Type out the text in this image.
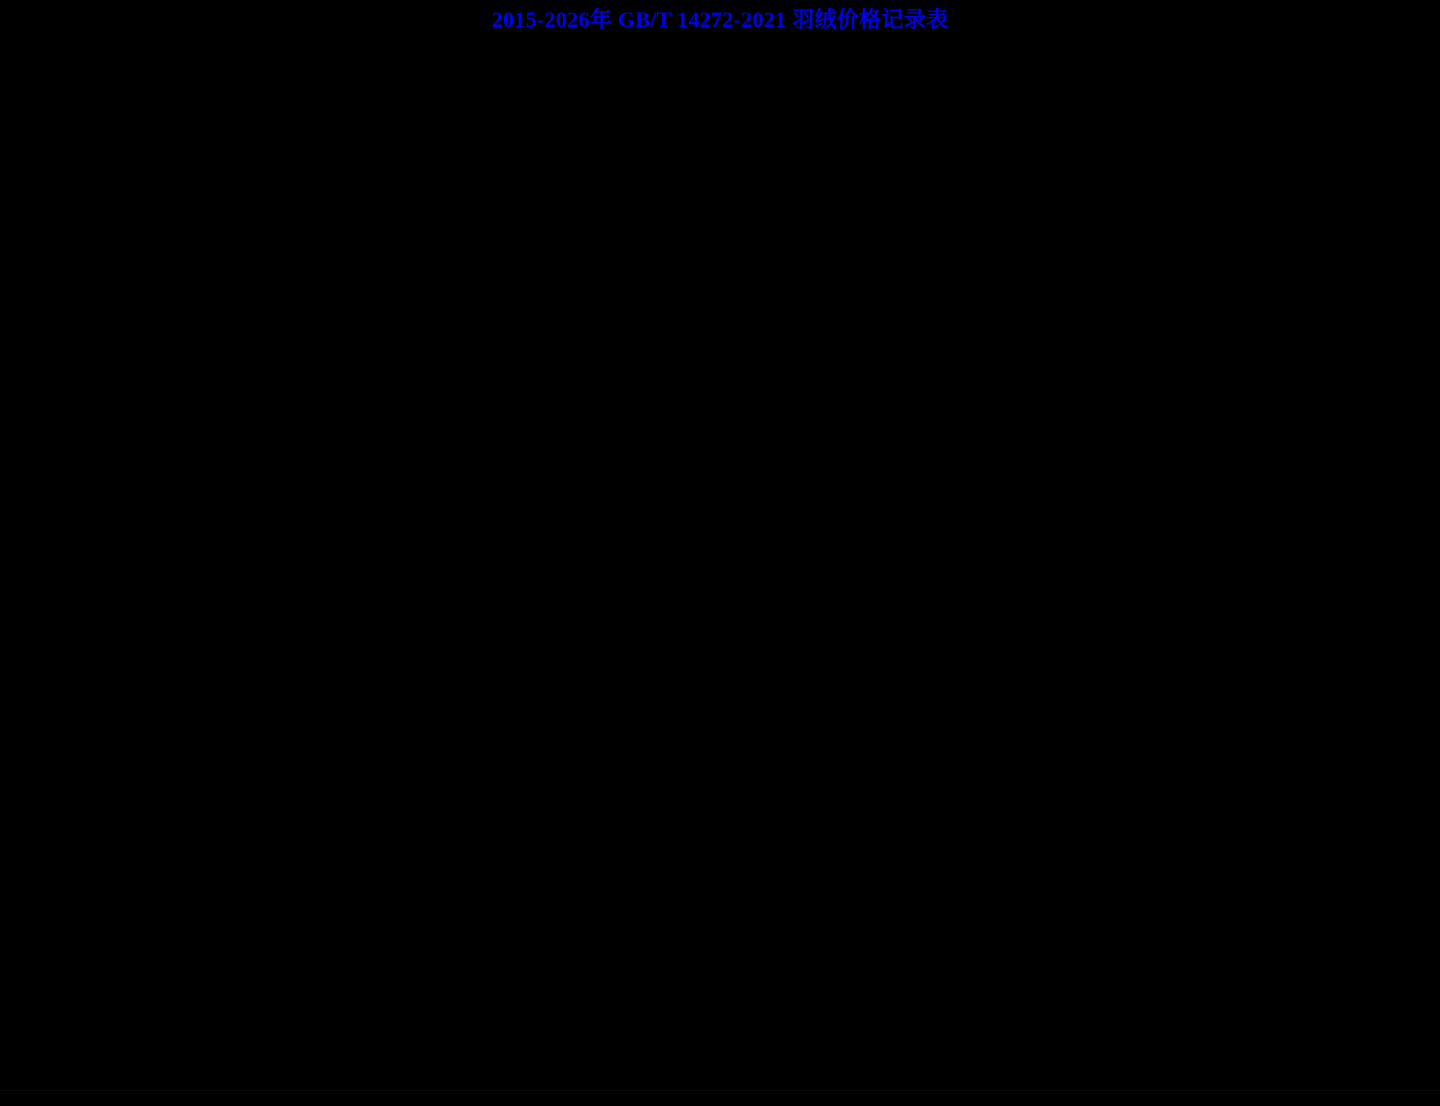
2015-2026年 GB/T 14272-2021 羽绒价格记录表
